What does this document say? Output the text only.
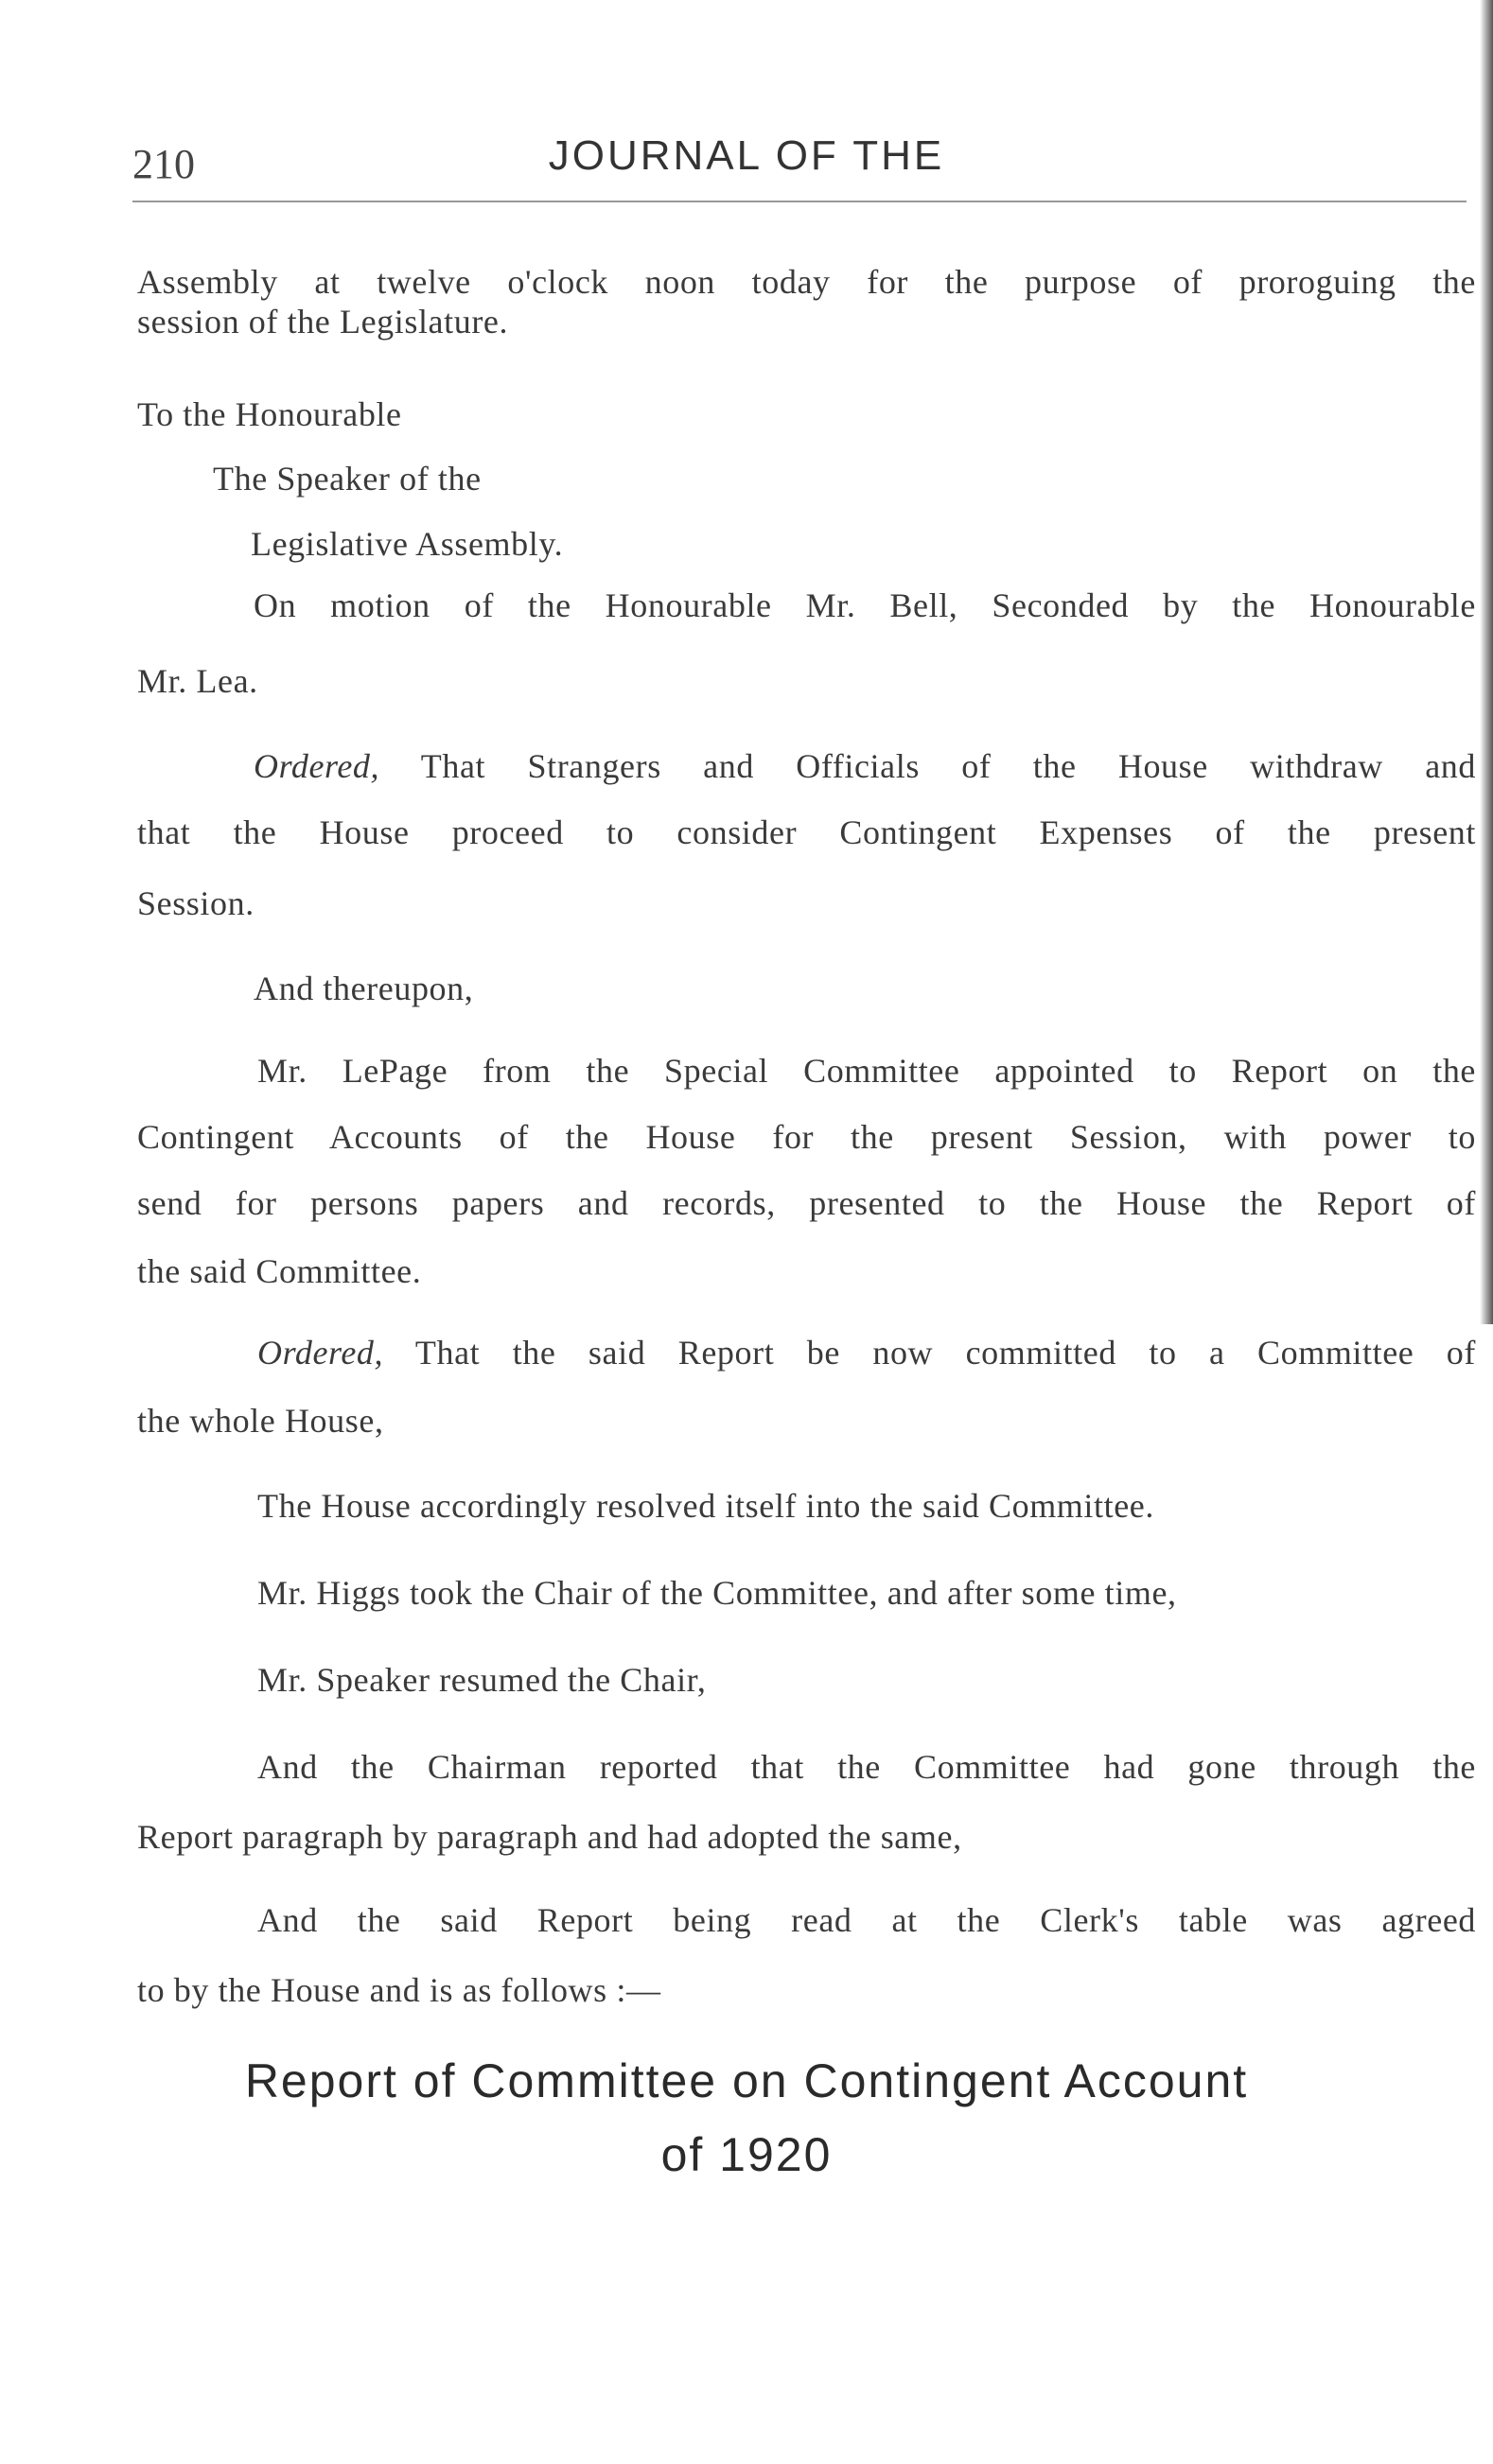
210	JOURNAL OF THE
Assembly at twelve o'clock noon today for the purpose of proroguing the
session of the Legislature.
To the Honourable
The Speaker of the
Legislative Assembly.
On motion of the Honourable Mr. Bell, Seconded by the Honourable
Mr. Lea.
Ordered, That Strangers and Officials of the House withdraw and
that the House proceed to consider Contingent Expenses of the present
Session.
And thereupon,
Mr. LePage from the Special Committee appointed to Report on the
Contingent Accounts of the House for the present Session, with power to
send for persons papers and records, presented to the House the Report of
the said Committee.
Ordered, That the said Report be now committed to a Committee of
the whole House,
The House accordingly resolved itself into the said Committee.
Mr. Higgs took the Chair of the Committee, and after some time,
Mr. Speaker resumed the Chair,
And the Chairman reported that the Committee had gone through the
Report paragraph by paragraph and had adopted the same,
And the said Report being read at the Clerk's table was agreed
to by the House and is as follows :—
Report of Committee on Contingent Account
of 1920
